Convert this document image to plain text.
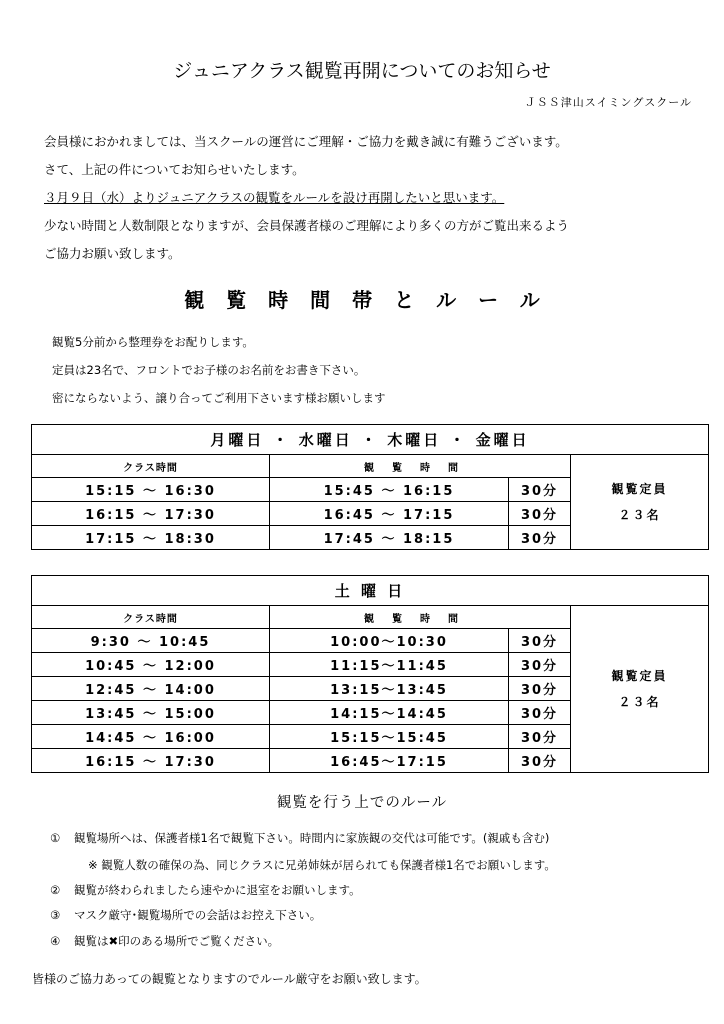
ジュニアクラス観覧再開についてのお知らせ
ＪＳＳ津山スイミングスクール
会員様におかれましては、当スクールの運営にご理解・ご協力を戴き誠に有難うございます。
さて、上記の件についてお知らせいたします。
３月９日（水）よりジュニアクラスの観覧をルールを設け再開したいと思います。
少ない時間と人数制限となりますが、会員保護者様のご理解により多くの方がご覧出来るよう
ご協力お願い致します。
観覧時間帯とルール
観覧5分前から整理券をお配りします。
定員は23名で、フロントでお子様のお名前をお書き下さい。
密にならないよう、譲り合ってご利用下さいます様お願いします
月曜日 ・ 水曜日 ・ 木曜日 ・ 金曜日			
クラス時間	観覧時間		観覧定員
２３名

15:15 ～ 16:30	15:45 ～ 16:15	30分	
16:15 ～ 17:30	16:45 ～ 17:15	30分	
17:15 ～ 18:30	17:45 ～ 18:15	30分	
土 曜 日			
クラス時間	観覧時間		観覧定員
２３名

9:30 ～ 10:45	10:00～10:30	30分	
10:45 ～ 12:00	11:15～11:45	30分	
12:45 ～ 14:00	13:15～13:45	30分	
13:45 ～ 15:00	14:15～14:45	30分	
14:45 ～ 16:00	15:15～15:45	30分	
16:15 ～ 17:30	16:45～17:15	30分	
観覧を行う上でのルール
① 観覧場所へは、保護者様1名で観覧下さい。時間内に家族観の交代は可能です。(親戚も含む)
※ 観覧人数の確保の為、同じクラスに兄弟姉妹が居られても保護者様1名でお願いします。
② 観覧が終わられましたら速やかに退室をお願いします。
③ マスク厳守･観覧場所での会話はお控え下さい。
④ 観覧は✖印のある場所でご覧ください。
皆様のご協力あっての観覧となりますのでルール厳守をお願い致します。
